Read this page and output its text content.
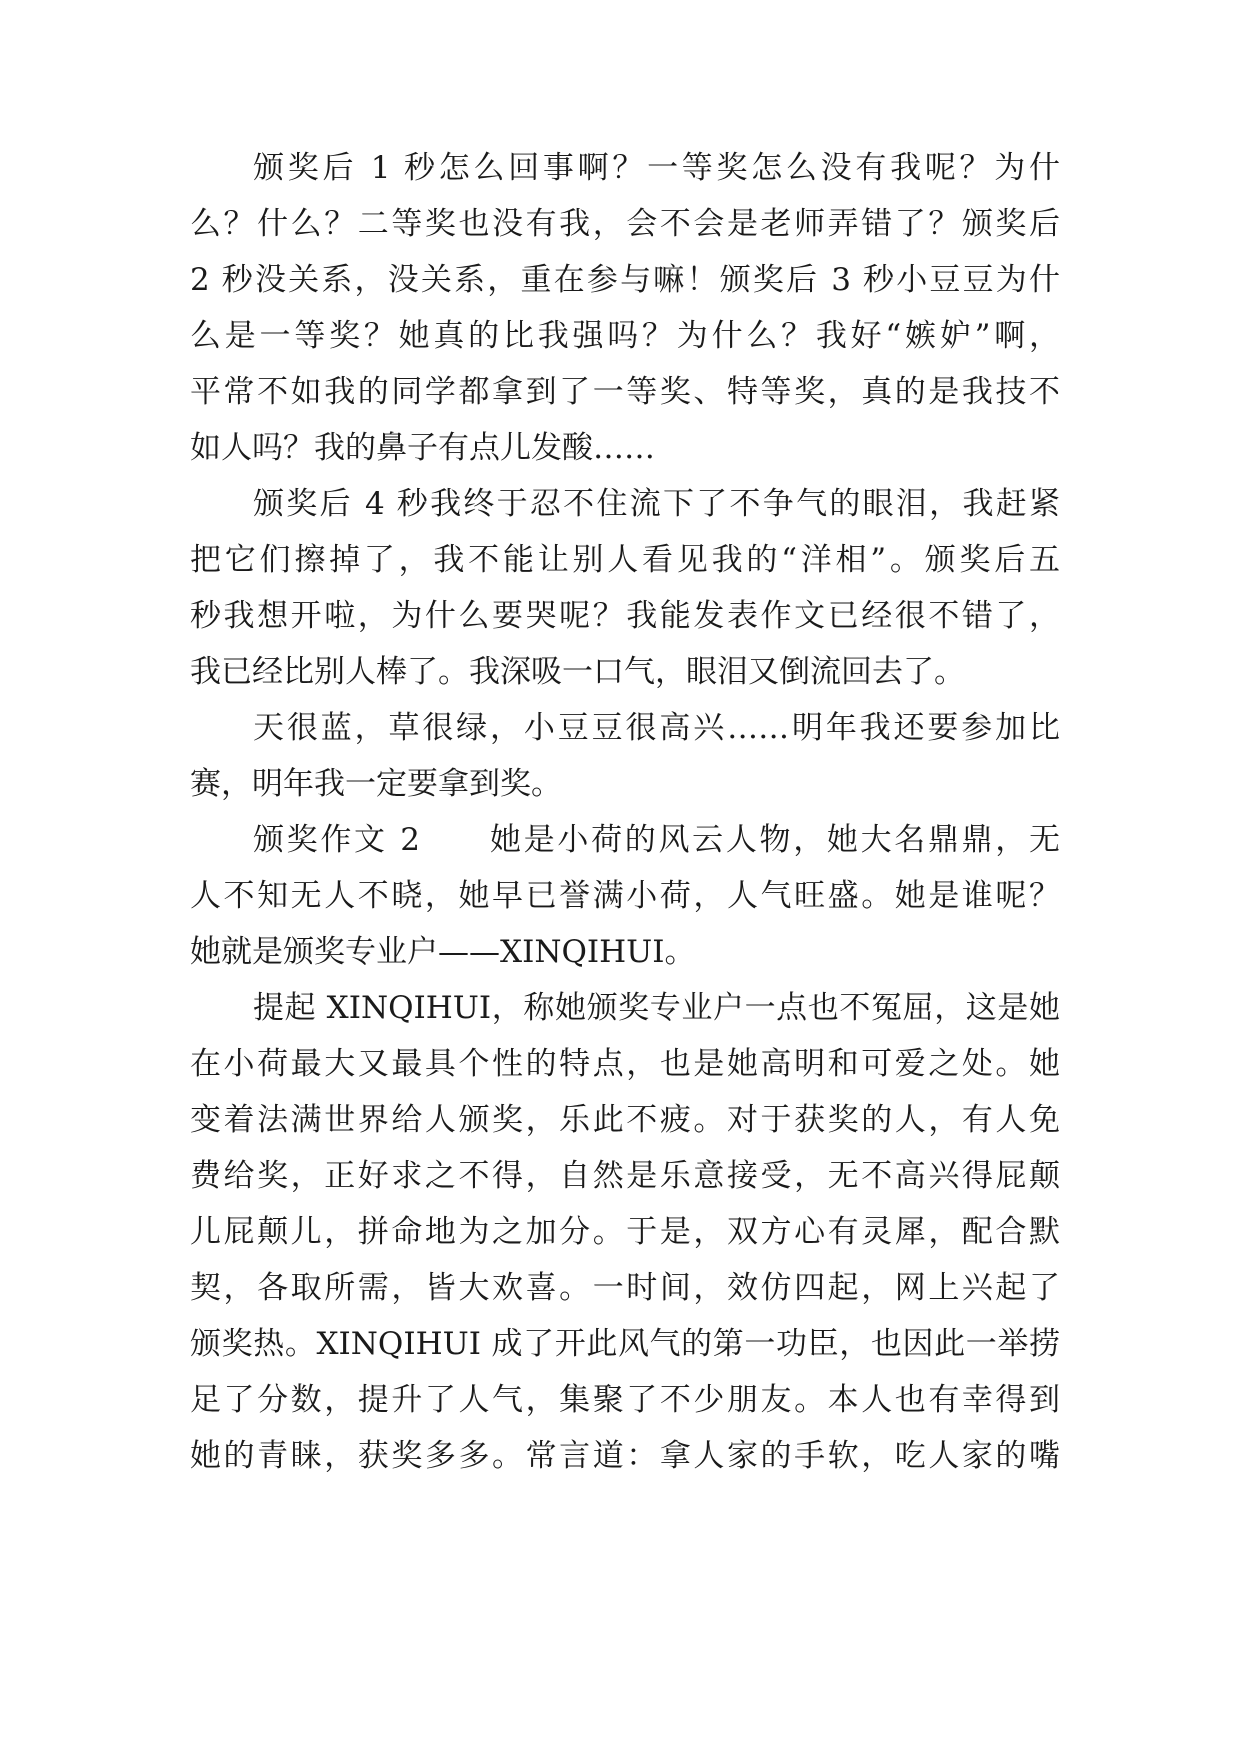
颁奖后 1 秒怎么回事啊？一等奖怎么没有我呢？为什
么？什么？二等奖也没有我，会不会是老师弄错了？颁奖后
2 秒没关系，没关系，重在参与嘛！颁奖后 3 秒小豆豆为什
么是一等奖？她真的比我强吗？为什么？我好“嫉妒”啊，
平常不如我的同学都拿到了一等奖、特等奖，真的是我技不
如人吗？我的鼻子有点儿发酸……
颁奖后 4 秒我终于忍不住流下了不争气的眼泪，我赶紧
把它们擦掉了，我不能让别人看见我的“洋相”。颁奖后五
秒我想开啦，为什么要哭呢？我能发表作文已经很不错了，
我已经比别人棒了。我深吸一口气，眼泪又倒流回去了。
天很蓝，草很绿，小豆豆很高兴……明年我还要参加比
赛，明年我一定要拿到奖。
颁奖作文 2　　她是小荷的风云人物，她大名鼎鼎，无
人不知无人不晓，她早已誉满小荷，人气旺盛。她是谁呢？
她就是颁奖专业户——XINQIHUI。
提起 XINQIHUI，称她颁奖专业户一点也不冤屈，这是她
在小荷最大又最具个性的特点，也是她高明和可爱之处。她
变着法满世界给人颁奖，乐此不疲。对于获奖的人，有人免
费给奖，正好求之不得，自然是乐意接受，无不高兴得屁颠
儿屁颠儿，拼命地为之加分。于是，双方心有灵犀，配合默
契，各取所需，皆大欢喜。一时间，效仿四起，网上兴起了
颁奖热。XINQIHUI 成了开此风气的第一功臣，也因此一举捞
足了分数，提升了人气，集聚了不少朋友。本人也有幸得到
她的青睐，获奖多多。常言道：拿人家的手软，吃人家的嘴
